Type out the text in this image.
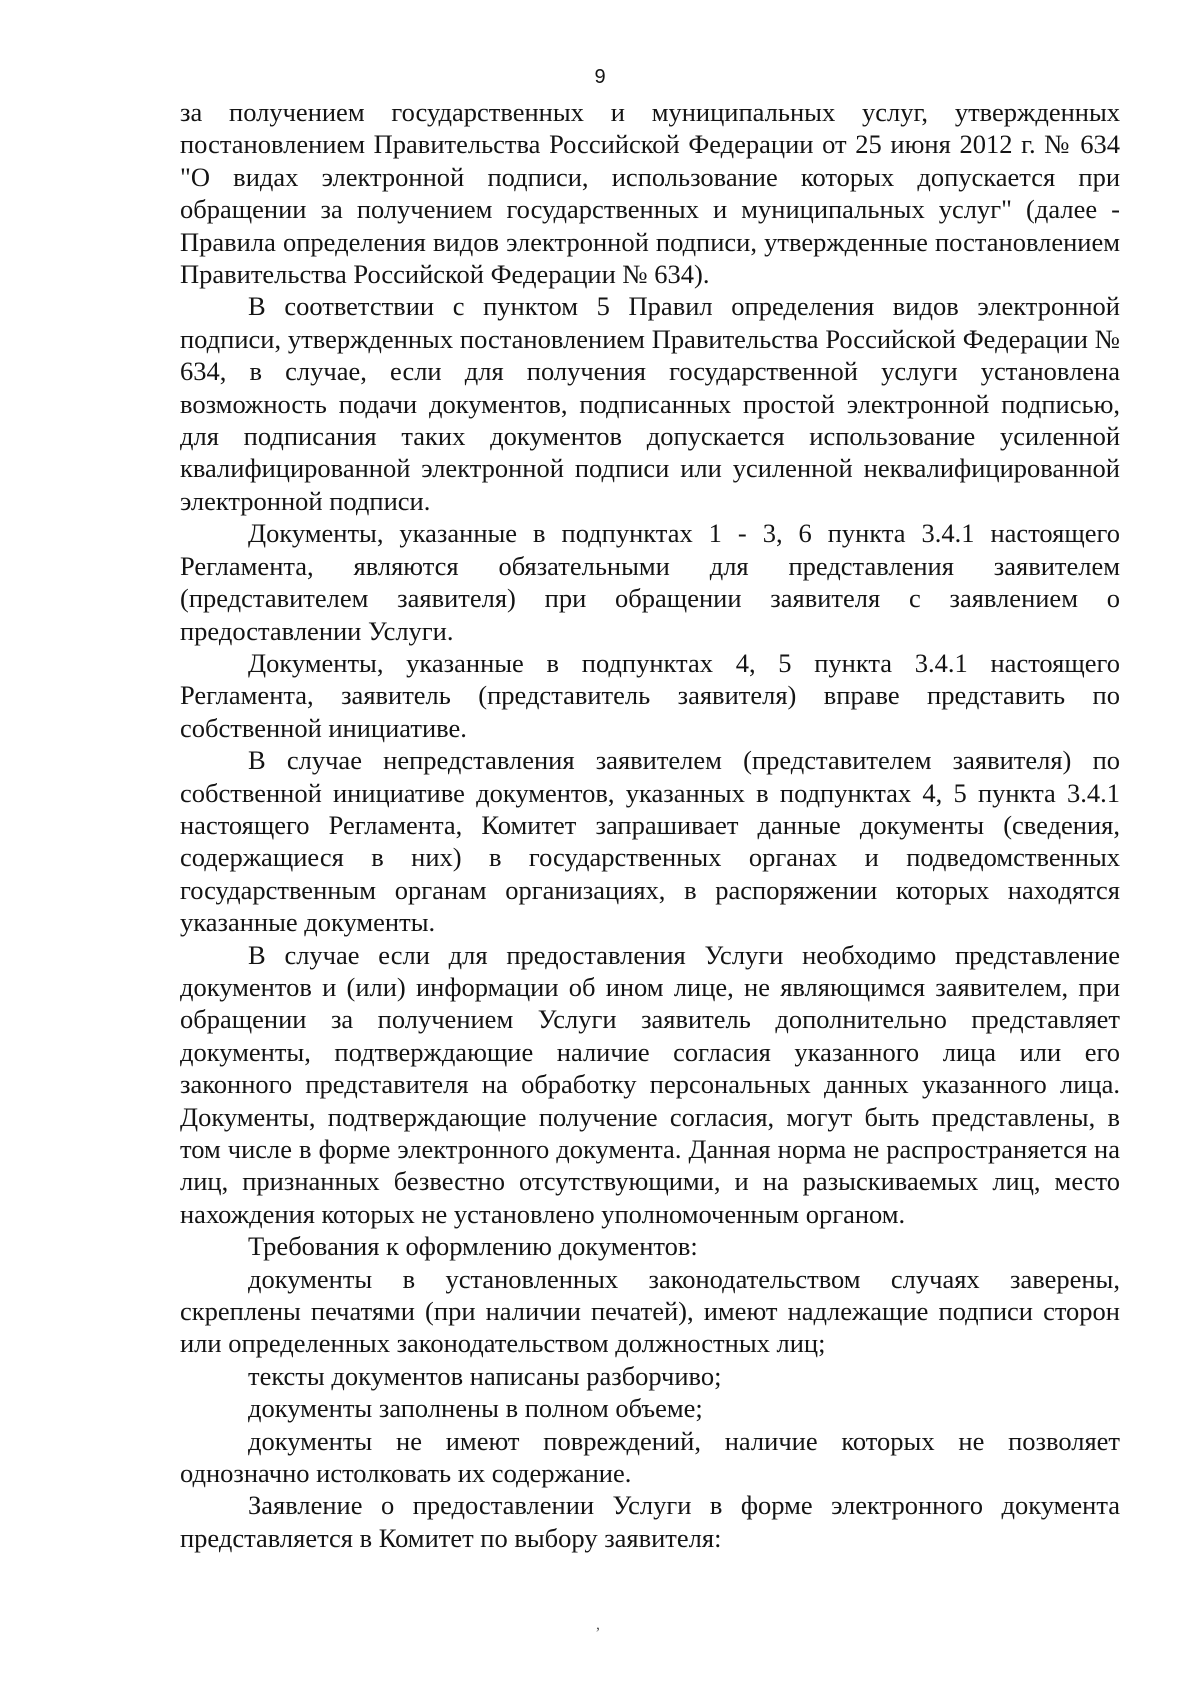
9

за получением государственных и муниципальных услуг, утвержденных постановлением Правительства Российской Федерации от 25 июня 2012 г. № 634 "О видах электронной подписи, использование которых допускается при обращении за получением государственных и муниципальных услуг" (далее - Правила определения видов электронной подписи, утвержденные постановлением Правительства Российской Федерации № 634).

В соответствии с пунктом 5 Правил определения видов электронной подписи, утвержденных постановлением Правительства Российской Федерации № 634, в случае, если для получения государственной услуги установлена возможность подачи документов, подписанных простой электронной подписью, для подписания таких документов допускается использование усиленной квалифицированной электронной подписи или усиленной неквалифицированной электронной подписи.

Документы, указанные в подпунктах 1 - 3, 6 пункта 3.4.1 настоящего Регламента, являются обязательными для представления заявителем (представителем заявителя) при обращении заявителя с заявлением о предоставлении Услуги.

Документы, указанные в подпунктах 4, 5 пункта 3.4.1 настоящего Регламента, заявитель (представитель заявителя) вправе представить по собственной инициативе.

В случае непредставления заявителем (представителем заявителя) по собственной инициативе документов, указанных в подпунктах 4, 5 пункта 3.4.1 настоящего Регламента, Комитет запрашивает данные документы (сведения, содержащиеся в них) в государственных органах и подведомственных государственным органам организациях, в распоряжении которых находятся указанные документы.

В случае если для предоставления Услуги необходимо представление документов и (или) информации об ином лице, не являющимся заявителем, при обращении за получением Услуги заявитель дополнительно представляет документы, подтверждающие наличие согласия указанного лица или его законного представителя на обработку персональных данных указанного лица. Документы, подтверждающие получение согласия, могут быть представлены, в том числе в форме электронного документа. Данная норма не распространяется на лиц, признанных безвестно отсутствующими, и на разыскиваемых лиц, место нахождения которых не установлено уполномоченным органом.

Требования к оформлению документов:

документы в установленных законодательством случаях заверены, скреплены печатями (при наличии печатей), имеют надлежащие подписи сторон или определенных законодательством должностных лиц;

тексты документов написаны разборчиво;

документы заполнены в полном объеме;

документы не имеют повреждений, наличие которых не позволяет однозначно истолковать их содержание.

Заявление о предоставлении Услуги в форме электронного документа представляется в Комитет по выбору заявителя:

,
